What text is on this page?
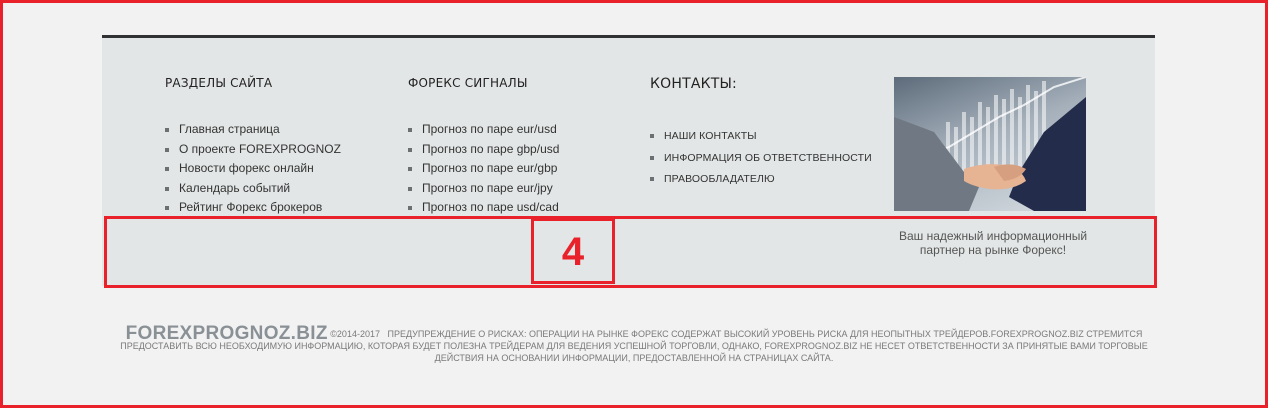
РАЗДЕЛЫ САЙТА
Главная страница
О проекте FOREXPROGNOZ
Новости форекс онлайн
Календарь событий
Рейтинг Форекс брокеров
ФОРЕКС СИГНАЛЫ
Прогноз по паре eur/usd
Прогноз по паре gbp/usd
Прогноз по паре eur/gbp
Прогноз по паре eur/jpy
Прогноз по паре usd/cad
КОНТАКТЫ:
НАШИ КОНТАКТЫ
ИНФОРМАЦИЯ ОБ ОТВЕТСТВЕННОСТИ
ПРАВООБЛАДАТЕЛЮ
Ваш надежный информационный
партнер на рынке Форекс!
4
FOREXPROGNOZ.BIZ ©2014-2017 ПРЕДУПРЕЖДЕНИЕ О РИСКАХ: ОПЕРАЦИИ НА РЫНКЕ ФОРЕКС СОДЕРЖАТ ВЫСОКИЙ УРОВЕНЬ РИСКА ДЛЯ НЕОПЫТНЫХ ТРЕЙДЕРОВ.FOREXPROGNOZ.BIZ СТРЕМИТСЯ ПРЕДОСТАВИТЬ ВСЮ НЕОБХОДИМУЮ ИНФОРМАЦИЮ, КОТОРАЯ БУДЕТ ПОЛЕЗНА ТРЕЙДЕРАМ ДЛЯ ВЕДЕНИЯ УСПЕШНОЙ ТОРГОВЛИ, ОДНАКО, FOREXPROGNOZ.BIZ НЕ НЕСЕТ ОТВЕТСТВЕННОСТИ ЗА ПРИНЯТЫЕ ВАМИ ТОРГОВЫЕ ДЕЙСТВИЯ НА ОСНОВАНИИ ИНФОРМАЦИИ, ПРЕДОСТАВЛЕННОЙ НА СТРАНИЦАХ САЙТА.
